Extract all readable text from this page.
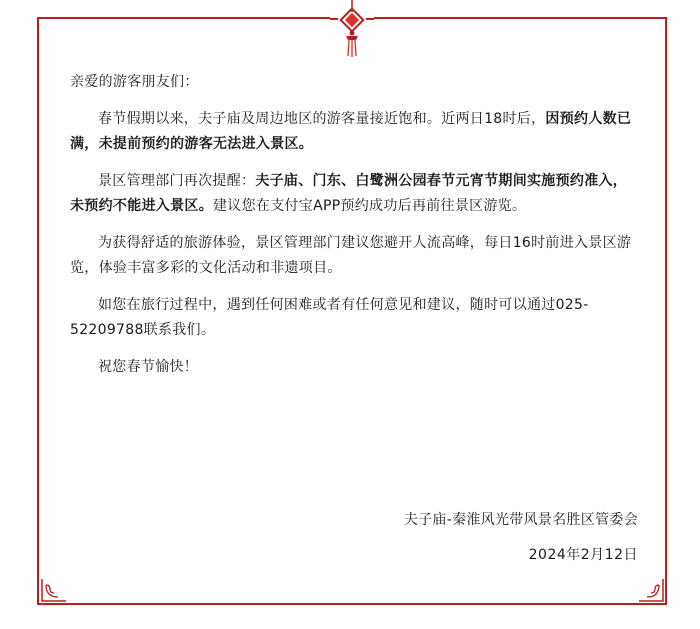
亲爱的游客朋友们：

春节假期以来，夫子庙及周边地区的游客量接近饱和。近两日18时后，因预约人数已满，未提前预约的游客无法进入景区。

景区管理部门再次提醒：夫子庙、门东、白鹭洲公园春节元宵节期间实施预约准入，未预约不能进入景区。建议您在支付宝APP预约成功后再前往景区游览。

为获得舒适的旅游体验，景区管理部门建议您避开人流高峰，每日16时前进入景区游览，体验丰富多彩的文化活动和非遗项目。

如您在旅行过程中，遇到任何困难或者有任何意见和建议，随时可以通过025-52209788联系我们。

祝您春节愉快！

夫子庙-秦淮风光带风景名胜区管委会
2024年2月12日
